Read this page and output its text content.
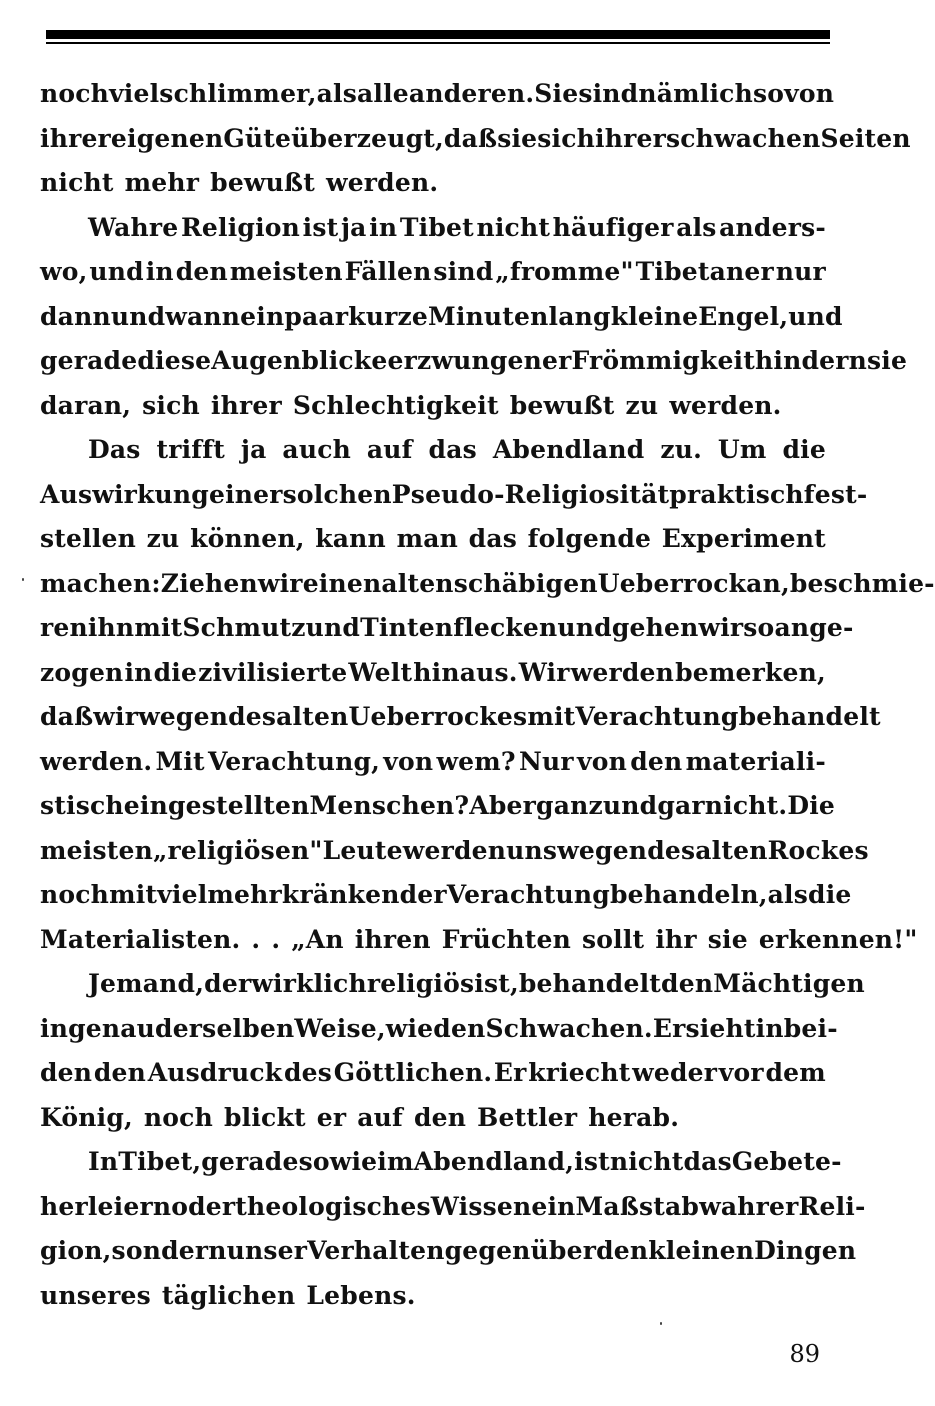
noch viel schlimmer, als alle anderen. Sie sind nämlich so von
ihrer eigenen Güte überzeugt, daß sie sich ihrer schwachen Seiten
nicht mehr bewußt werden.
Wahre Religion ist ja in Tibet nicht häufiger als anders-
wo, und in den meisten Fällen sind „fromme" Tibetaner nur
dann und wann ein paar kurze Minuten lang kleine Engel, und
gerade diese Augenblicke erzwungener Frömmigkeit hindern sie
daran, sich ihrer Schlechtigkeit bewußt zu werden.
Das trifft ja auch auf das Abendland zu. Um die
Auswirkung einer solchen Pseudo-Religiosität praktisch fest-
stellen zu können, kann man das folgende Experiment
machen: Ziehen wir einen alten schäbigen Ueberrock an, beschmie-
ren ihn mit Schmutz und Tintenflecken und gehen wir so ange-
zogen in die zivilisierte Welt hinaus. Wir werden bemerken,
daß wir wegen des alten Ueberrockes mit Verachtung behandelt
werden. Mit Verachtung, von wem? Nur von den materiali-
stisch eingestellten Menschen? Aber ganz und gar nicht. Die
meisten „religiösen" Leute werden uns wegen des alten Rockes
noch mit viel mehr kränkender Verachtung behandeln, als die
Materialisten. . . „An ihren Früchten sollt ihr sie erkennen!"
Jemand, der wirklich religiös ist, behandelt den Mächtigen
in genau derselben Weise, wie den Schwachen. Er sieht in bei-
den den Ausdruck des Göttlichen. Er kriecht weder vor dem
König, noch blickt er auf den Bettler herab.
In Tibet, gerade so wie im Abendland, ist nicht das Gebete-
herleiern oder theologisches Wissen ein Maßstab wahrer Reli-
gion, sondern unser Verhalten gegenüber den kleinen Dingen
unseres täglichen Lebens.
89
